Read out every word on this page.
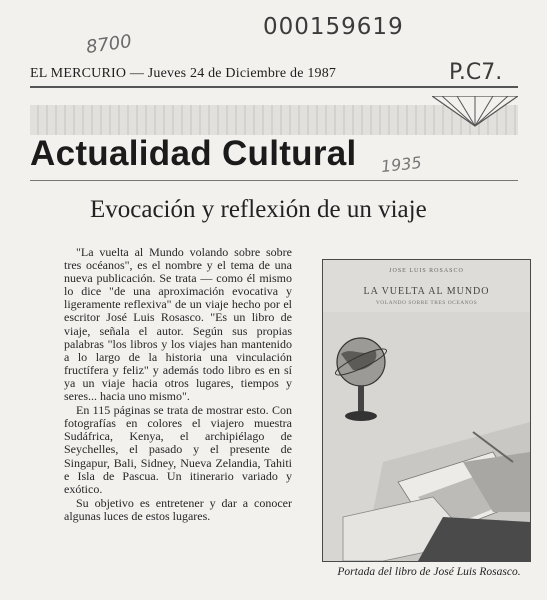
000159619
8700
P.C7.
EL MERCURIO — Jueves 24 de Diciembre de 1987
Actualidad Cultural 1935
Evocación y reflexión de un viaje

"La vuelta al Mundo volando sobre sobre tres océanos", es el nombre y el tema de una nueva publicación. Se trata — como él mismo lo dice "de una aproximación evocativa y ligeramente reflexiva" de un viaje hecho por el escritor José Luis Rosasco. "Es un libro de viaje, señala el autor. Según sus propias palabras "los libros y los viajes han mantenido a lo largo de la historia una vinculación fructífera y feliz" y además todo libro es en sí ya un viaje hacia otros lugares, tiempos y seres... hacia uno mismo".

En 115 páginas se trata de mostrar esto. Con fotografías en colores el viajero muestra Sudáfrica, Kenya, el archipiélago de Seychelles, el pasado y el presente de Singapur, Bali, Sidney, Nueva Zelandia, Tahiti e Isla de Pascua. Un itinerario variado y exótico.

Su objetivo es entretener y dar a conocer algunas luces de estos lugares.

JOSE LUIS ROSASCO
LA VUELTA AL MUNDO
VOLANDO SOBRE TRES OCEANOS
Portada del libro de José Luis Rosasco.
